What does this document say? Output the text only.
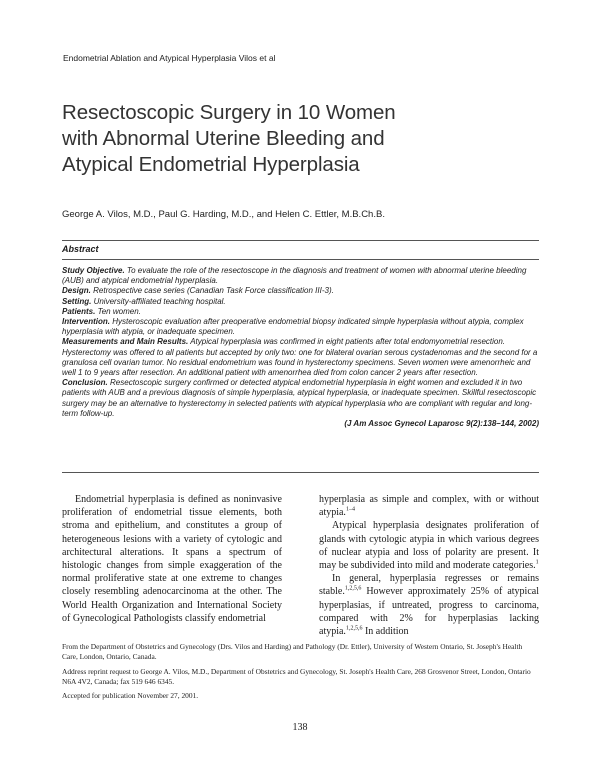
Endometrial Ablation and Atypical Hyperplasia Vilos et al
Resectoscopic Surgery in 10 Women
with Abnormal Uterine Bleeding and
Atypical Endometrial Hyperplasia
George A. Vilos, M.D., Paul G. Harding, M.D., and Helen C. Ettler, M.B.Ch.B.
Abstract

Study Objective. To evaluate the role of the resectoscope in the diagnosis and treatment of women with abnormal uterine bleeding (AUB) and atypical endometrial hyperplasia.

Design. Retrospective case series (Canadian Task Force classification III-3).

Setting. University-affiliated teaching hospital.

Patients. Ten women.

Intervention. Hysteroscopic evaluation after preoperative endometrial biopsy indicated simple hyperplasia without atypia, complex hyperplasia with atypia, or inadequate specimen.

Measurements and Main Results. Atypical hyperplasia was confirmed in eight patients after total endomyometrial resection. Hysterectomy was offered to all patients but accepted by only two: one for bilateral ovarian serous cystadenomas and the second for a granulosa cell ovarian tumor. No residual endometrium was found in hysterectomy specimens. Seven women were amenorrheic and well 1 to 9 years after resection. An additional patient with amenorrhea died from colon cancer 2 years after resection.

Conclusion. Resectoscopic surgery confirmed or detected atypical endometrial hyperplasia in eight women and excluded it in two patients with AUB and a previous diagnosis of simple hyperplasia, atypical hyperplasia, or inadequate specimen. Skillful resectoscopic surgery may be an alternative to hysterectomy in selected patients with atypical hyperplasia who are compliant with regular and long-term follow-up.

(J Am Assoc Gynecol Laparosc 9(2):138–144, 2002)

Endometrial hyperplasia is defined as noninvasive proliferation of endometrial tissue elements, both stroma and epithelium, and constitutes a group of heterogeneous lesions with a variety of cytologic and architectural alterations. It spans a spectrum of histologic changes from simple exaggeration of the normal proliferative state at one extreme to changes closely resembling adenocarcinoma at the other. The World Health Organization and International Society of Gynecological Pathologists classify endometrial

hyperplasia as simple and complex, with or without atypia.$^{1-4}$

Atypical hyperplasia designates proliferation of glands with cytologic atypia in which various degrees of nuclear atypia and loss of polarity are present. It may be subdivided into mild and moderate categories.$^1$

In general, hyperplasia regresses or remains stable.$^{1,2,5,6}$ However approximately 25% of atypical hyperplasias, if untreated, progress to carcinoma, compared with 2% for hyperplasias lacking atypia.$^{1,2,5,6}$ In addition

From the Department of Obstetrics and Gynecology (Drs. Vilos and Harding) and Pathology (Dr. Ettler), University of Western Ontario, St. Joseph's Health Care, London, Ontario, Canada.
Address reprint request to George A. Vilos, M.D., Department of Obstetrics and Gynecology, St. Joseph's Health Care, 268 Grosvenor Street, London, Ontario N6A 4V2, Canada; fax 519 646 6345.
Accepted for publication November 27, 2001.
138
